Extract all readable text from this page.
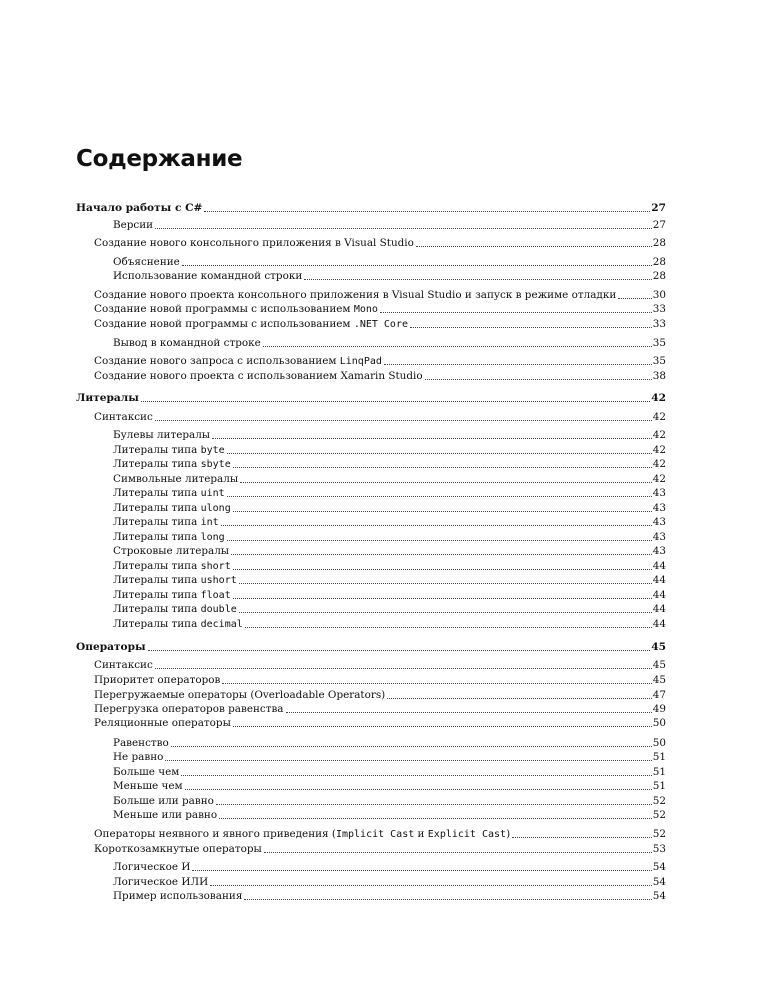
Содержание
Начало работы с С#	27
Версии	27
Создание нового консольного приложения в Visual Studio	28
Объяснение	28
Использование командной строки	28
Создание нового проекта консольного приложения в Visual Studio и запуск в режиме отладки	30
Создание новой программы с использованием Mono	33
Создание новой программы с использованием .NET Core	33
Вывод в командной строке	35
Создание нового запроса с использованием LinqPad	35
Создание нового проекта с использованием Xamarin Studio	38
Литералы	42
Синтаксис	42
Булевы литералы	42
Литералы типа byte	42
Литералы типа sbyte	42
Символьные литералы	42
Литералы типа uint	43
Литералы типа ulong	43
Литералы типа int	43
Литералы типа long	43
Строковые литералы	43
Литералы типа short	44
Литералы типа ushort	44
Литералы типа float	44
Литералы типа double	44
Литералы типа decimal	44
Операторы	45
Синтаксис	45
Приоритет операторов	45
Перегружаемые операторы (Overloadable Operators)	47
Перегрузка операторов равенства	49
Реляционные операторы	50
Равенство	50
Не равно	51
Больше чем	51
Меньше чем	51
Больше или равно	52
Меньше или равно	52
Операторы неявного и явного приведения (Implicit Cast и Explicit Cast)	52
Короткозамкнутые операторы	53
Логическое И	54
Логическое ИЛИ	54
Пример использования	54
